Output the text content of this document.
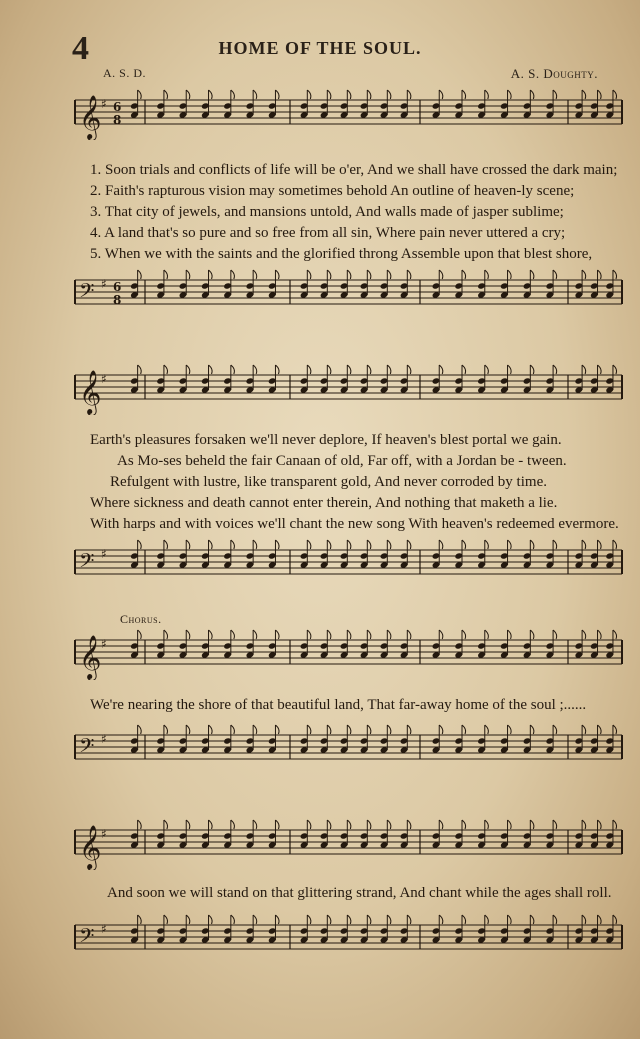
4	HOME OF THE SOUL.
A. S. D.	A. S. Doughty.
𝄞 ♯ 6
8
𝄢 ♯ 6
8
1. Soon trials and conflicts of life will be o'er, And we shall have crossed the dark main;
2. Faith's rapturous vision may sometimes behold An outline of heaven-ly scene;
3. That city of jewels, and mansions untold, And walls made of jasper sublime;
4. A land that's so pure and so free from all sin, Where pain never uttered a cry;
5. When we with the saints and the glorified throng Assemble upon that blest shore,
𝄞 ♯
𝄢 ♯
Earth's pleasures forsaken we'll never deplore, If heaven's blest portal we gain.
As Mo-ses beheld the fair Canaan of old, Far off, with a Jordan be - tween.
Refulgent with lustre, like transparent gold, And never corroded by time.
Where sickness and death cannot enter therein, And nothing that maketh a lie.
With harps and with voices we'll chant the new song With heaven's redeemed evermore.
Chorus.
𝄞 ♯
𝄢 ♯
We're nearing the shore of that beautiful land, That far-away home of the soul ;......
𝄞 ♯
𝄢 ♯
And soon we will stand on that glittering strand, And chant while the ages shall roll.
